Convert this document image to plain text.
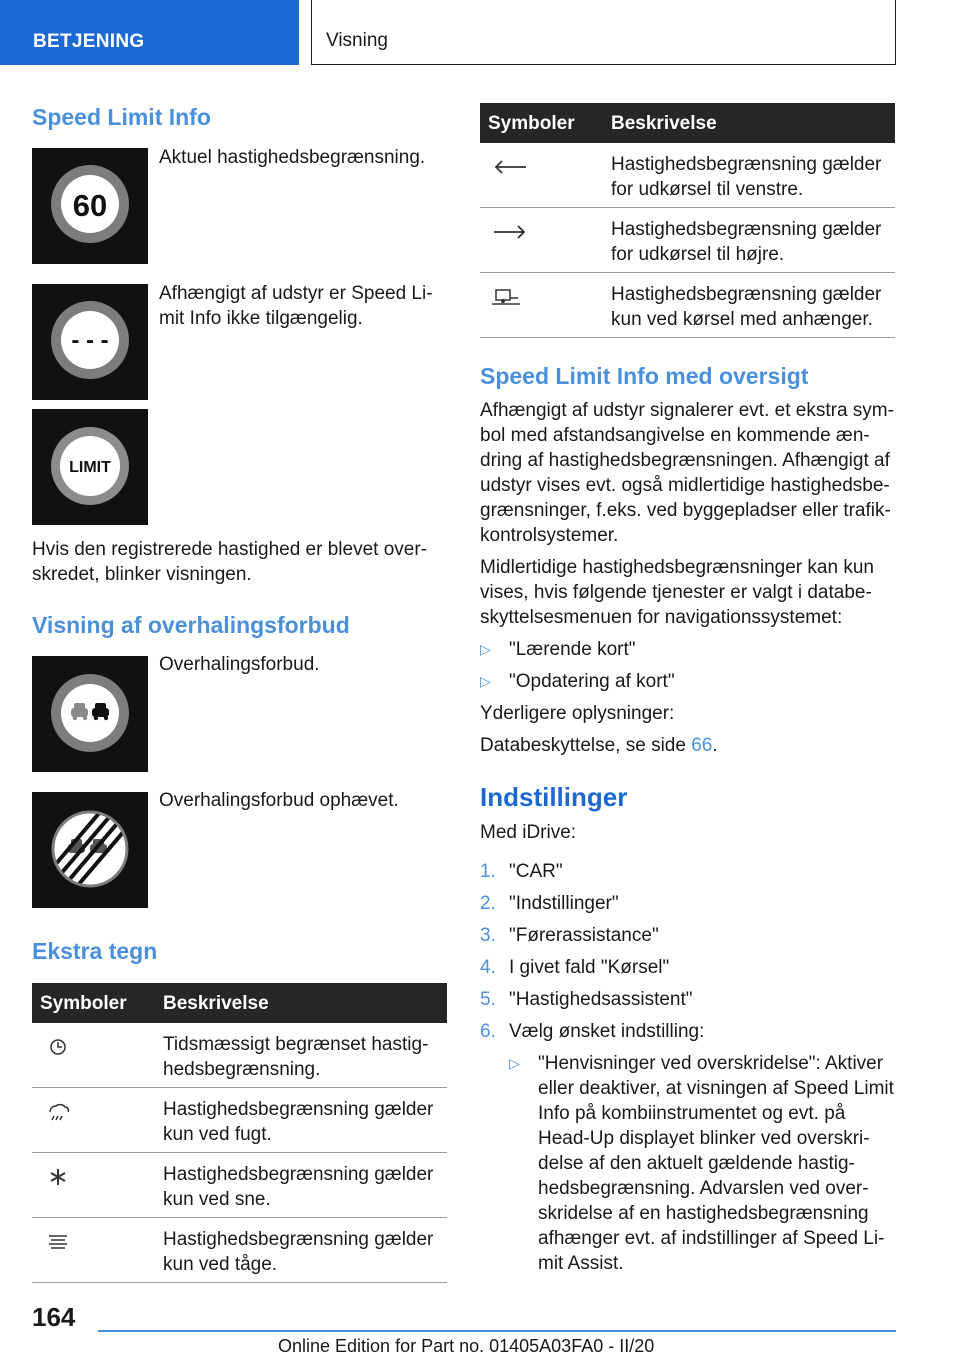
BETJENING	Visning
Speed Limit Info
60
Aktuel hastighedsbegrænsning.
- - -
Afhængigt af udstyr er Speed Li-
mit Info ikke tilgængelig.
LIMIT
Hvis den registrerede hastighed er blevet over-
skredet, blinker visningen.
Visning af overhalingsforbud
Overhalingsforbud.
Overhalingsforbud ophævet.
Ekstra tegn
Symboler Beskrivelse
Tidsmæssigt begrænset hastig-
hedsbegrænsning.
Hastighedsbegrænsning gælder
kun ved fugt.
Hastighedsbegrænsning gælder
kun ved sne.
Hastighedsbegrænsning gælder
kun ved tåge.
Symboler Beskrivelse
Hastighedsbegrænsning gælder
for udkørsel til venstre.
Hastighedsbegrænsning gælder
for udkørsel til højre.
Hastighedsbegrænsning gælder
kun ved kørsel med anhænger.
Speed Limit Info med oversigt
Afhængigt af udstyr signalerer evt. et ekstra sym-
bol med afstandsangivelse en kommende æn-
dring af hastighedsbegrænsningen. Afhængigt af
udstyr vises evt. også midlertidige hastighedsbe-
grænsninger, f.eks. ved byggepladser eller trafik-
kontrolsystemer.
Midlertidige hastighedsbegrænsninger kan kun
vises, hvis følgende tjenester er valgt i databe-
skyttelsesmenuen for navigationssystemet:
▷ "Lærende kort"
▷ "Opdatering af kort"
Yderligere oplysninger:
Databeskyttelse, se side 66.
Indstillinger
Med iDrive:
1. "CAR"
2. "Indstillinger"
3. "Førerassistance"
4. I givet fald "Kørsel"
5. "Hastighedsassistent"
6. Vælg ønsket indstilling:
▷ "Henvisninger ved overskridelse": Aktiver
eller deaktiver, at visningen af Speed Limit
Info på kombiinstrumentet og evt. på
Head-Up displayet blinker ved overskri-
delse af den aktuelt gældende hastig-
hedsbegrænsning. Advarslen ved over-
skridelse af en hastighedsbegrænsning
afhænger evt. af indstillinger af Speed Li-
mit Assist.
164
Online Edition for Part no. 01405A03FA0 - II/20
